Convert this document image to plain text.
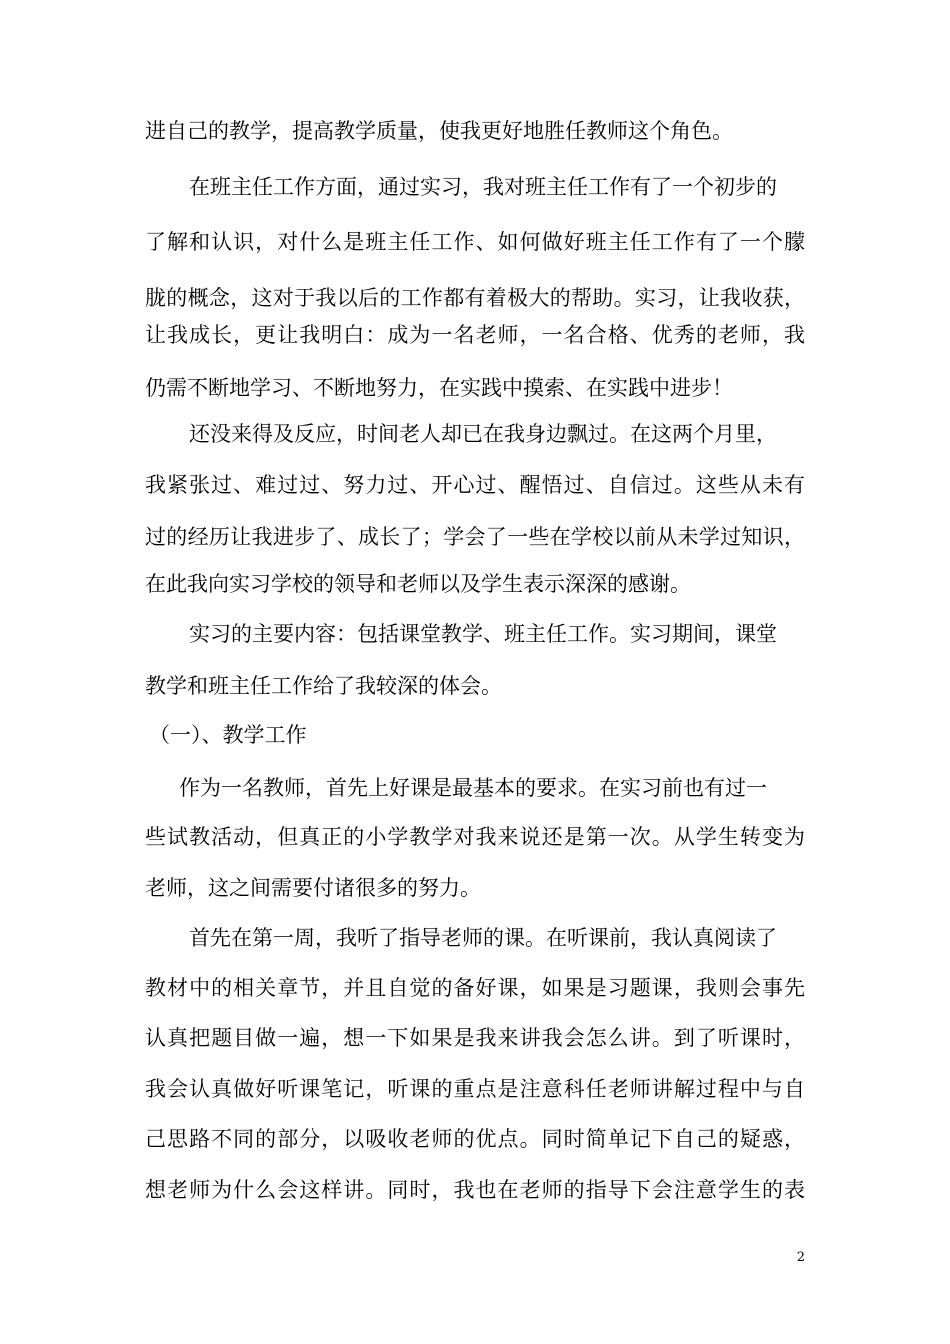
进自己的教学，提高教学质量，使我更好地胜任教师这个角色。
在班主任工作方面，通过实习，我对班主任工作有了一个初步的
了解和认识，对什么是班主任工作、如何做好班主任工作有了一个朦
胧的概念，这对于我以后的工作都有着极大的帮助。实习，让我收获，
让我成长，更让我明白：成为一名老师，一名合格、优秀的老师，我
仍需不断地学习、不断地努力，在实践中摸索、在实践中进步！
还没来得及反应，时间老人却已在我身边飘过。在这两个月里，
我紧张过、难过过、努力过、开心过、醒悟过、自信过。这些从未有
过的经历让我进步了、成长了；学会了一些在学校以前从未学过知识，
在此我向实习学校的领导和老师以及学生表示深深的感谢。
实习的主要内容：包括课堂教学、班主任工作。实习期间，课堂
教学和班主任工作给了我较深的体会。
（一）、教学工作
作为一名教师，首先上好课是最基本的要求。在实习前也有过一
些试教活动，但真正的小学教学对我来说还是第一次。从学生转变为
老师，这之间需要付诸很多的努力。
首先在第一周，我听了指导老师的课。在听课前，我认真阅读了
教材中的相关章节，并且自觉的备好课，如果是习题课，我则会事先
认真把题目做一遍，想一下如果是我来讲我会怎么讲。到了听课时，
我会认真做好听课笔记，听课的重点是注意科任老师讲解过程中与自
己思路不同的部分，以吸收老师的优点。同时简单记下自己的疑惑，
想老师为什么会这样讲。同时，我也在老师的指导下会注意学生的表
2
